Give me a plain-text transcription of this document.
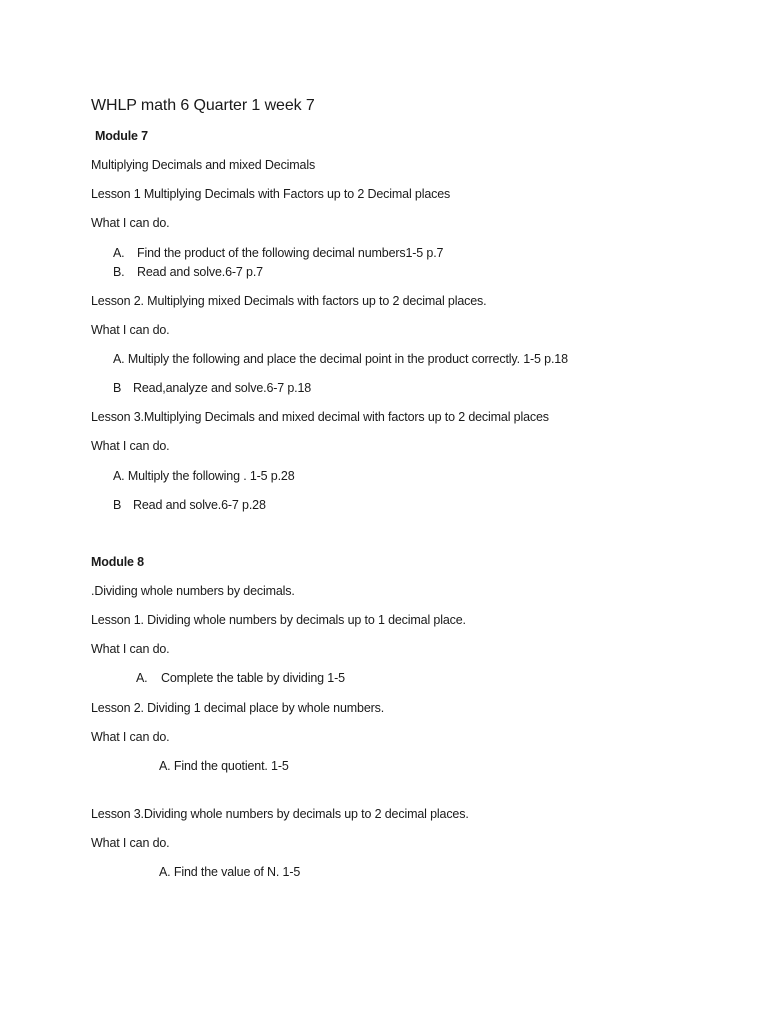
WHLP math 6 Quarter 1 week 7
Module 7
Multiplying Decimals and mixed Decimals
Lesson 1 Multiplying Decimals with Factors up to 2 Decimal places
What I can do.
A. Find the product of the following decimal numbers1-5 p.7
B. Read and solve.6-7 p.7
Lesson 2. Multiplying mixed Decimals with factors up to 2 decimal places.
What I can do.
A. Multiply the following and place the decimal point in the product correctly. 1-5 p.18
B Read,analyze and solve.6-7 p.18
Lesson 3.Multiplying Decimals and mixed decimal with factors up to 2 decimal places
What I can do.
A. Multiply the following . 1-5 p.28
B Read and solve.6-7 p.28
Module 8
.Dividing whole numbers by decimals.
Lesson 1. Dividing whole numbers by decimals up to 1 decimal place.
What I can do.
A. Complete the table by dividing 1-5
Lesson 2. Dividing 1 decimal place by whole numbers.
What I can do.
A. Find the quotient. 1-5
Lesson 3.Dividing whole numbers by decimals up to 2 decimal places.
What I can do.
A. Find the value of N. 1-5
